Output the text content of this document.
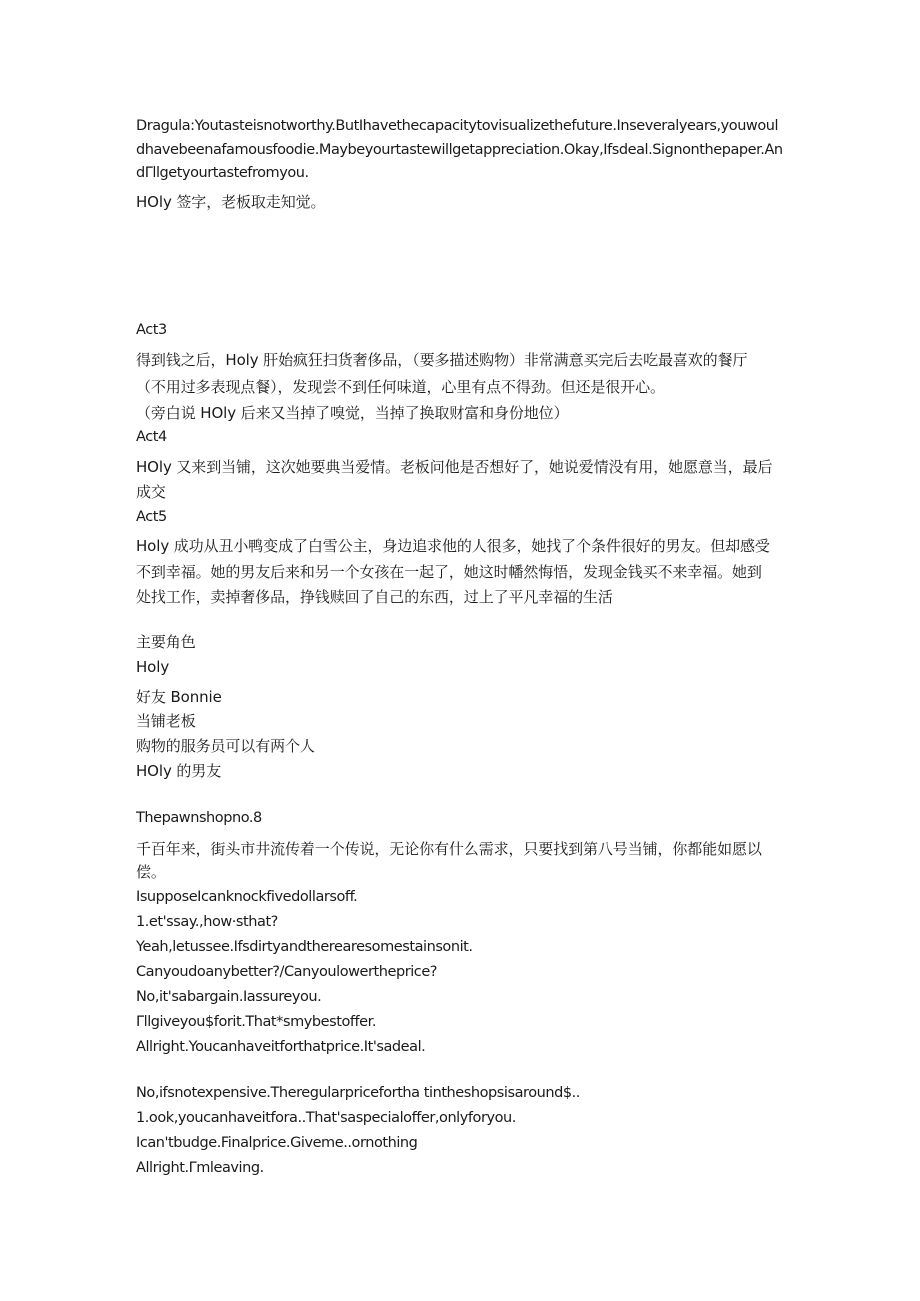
Dragula:Youtasteisnotworthy.ButIhavethecapacitytovisualizethefuture.Inseveralyears,youwoul
dhavebeenafamousfoodie.Maybeyourtastewillgetappreciation.Okay,Ifsdeal.Signonthepaper.An
dΓllgetyourtastefromyou.
HOly 签字，老板取走知觉。
Act3
得到钱之后，Holy 肝始疯狂扫货奢侈品，（要多描述购物）非常满意买完后去吃最喜欢的餐厅
（不用过多表现点餐），发现尝不到任何味道，心里有点不得劲。但还是很开心。
（旁白说 HOly 后来又当掉了嗅觉，当掉了换取财富和身份地位）
Act4
HOly 又来到当铺，这次她要典当爱情。老板问他是否想好了，她说爱情没有用，她愿意当，最后
成交
Act5
Holy 成功从丑小鸭变成了白雪公主，身边追求他的人很多，她找了个条件很好的男友。但却感受
不到幸福。她的男友后来和另一个女孩在一起了，她这时幡然悔悟，发现金钱买不来幸福。她到
处找工作，卖掉奢侈品，挣钱赎回了自己的东西，过上了平凡幸福的生活
主要角色
Holy
好友 Bonnie
当铺老板
购物的服务员可以有两个人
HOly 的男友
Thepawnshopno.8
千百年来，街头市井流传着一个传说，无论你有什么需求，只要找到第八号当铺，你都能如愿以
偿。
IsupposeIcanknockfivedollarsoff.
1.et'ssay.,how·sthat?
Yeah,letussee.Ifsdirtyandtherearesomestainsonit.
Canyoudoanybetter?/Canyoulowertheprice?
No,it'sabargain.Iassureyou.
Γllgiveyou$forit.That*smybestoffer.
Allright.Youcanhaveitforthatprice.It'sadeal.
No,ifsnotexpensive.Theregularpricefortha tintheshopsisaround$..
1.ook,youcanhaveitfora..That'saspecialoffer,onlyforyou.
Ican'tbudge.Finalprice.Giveme..ornothing
Allright.Γmleaving.
